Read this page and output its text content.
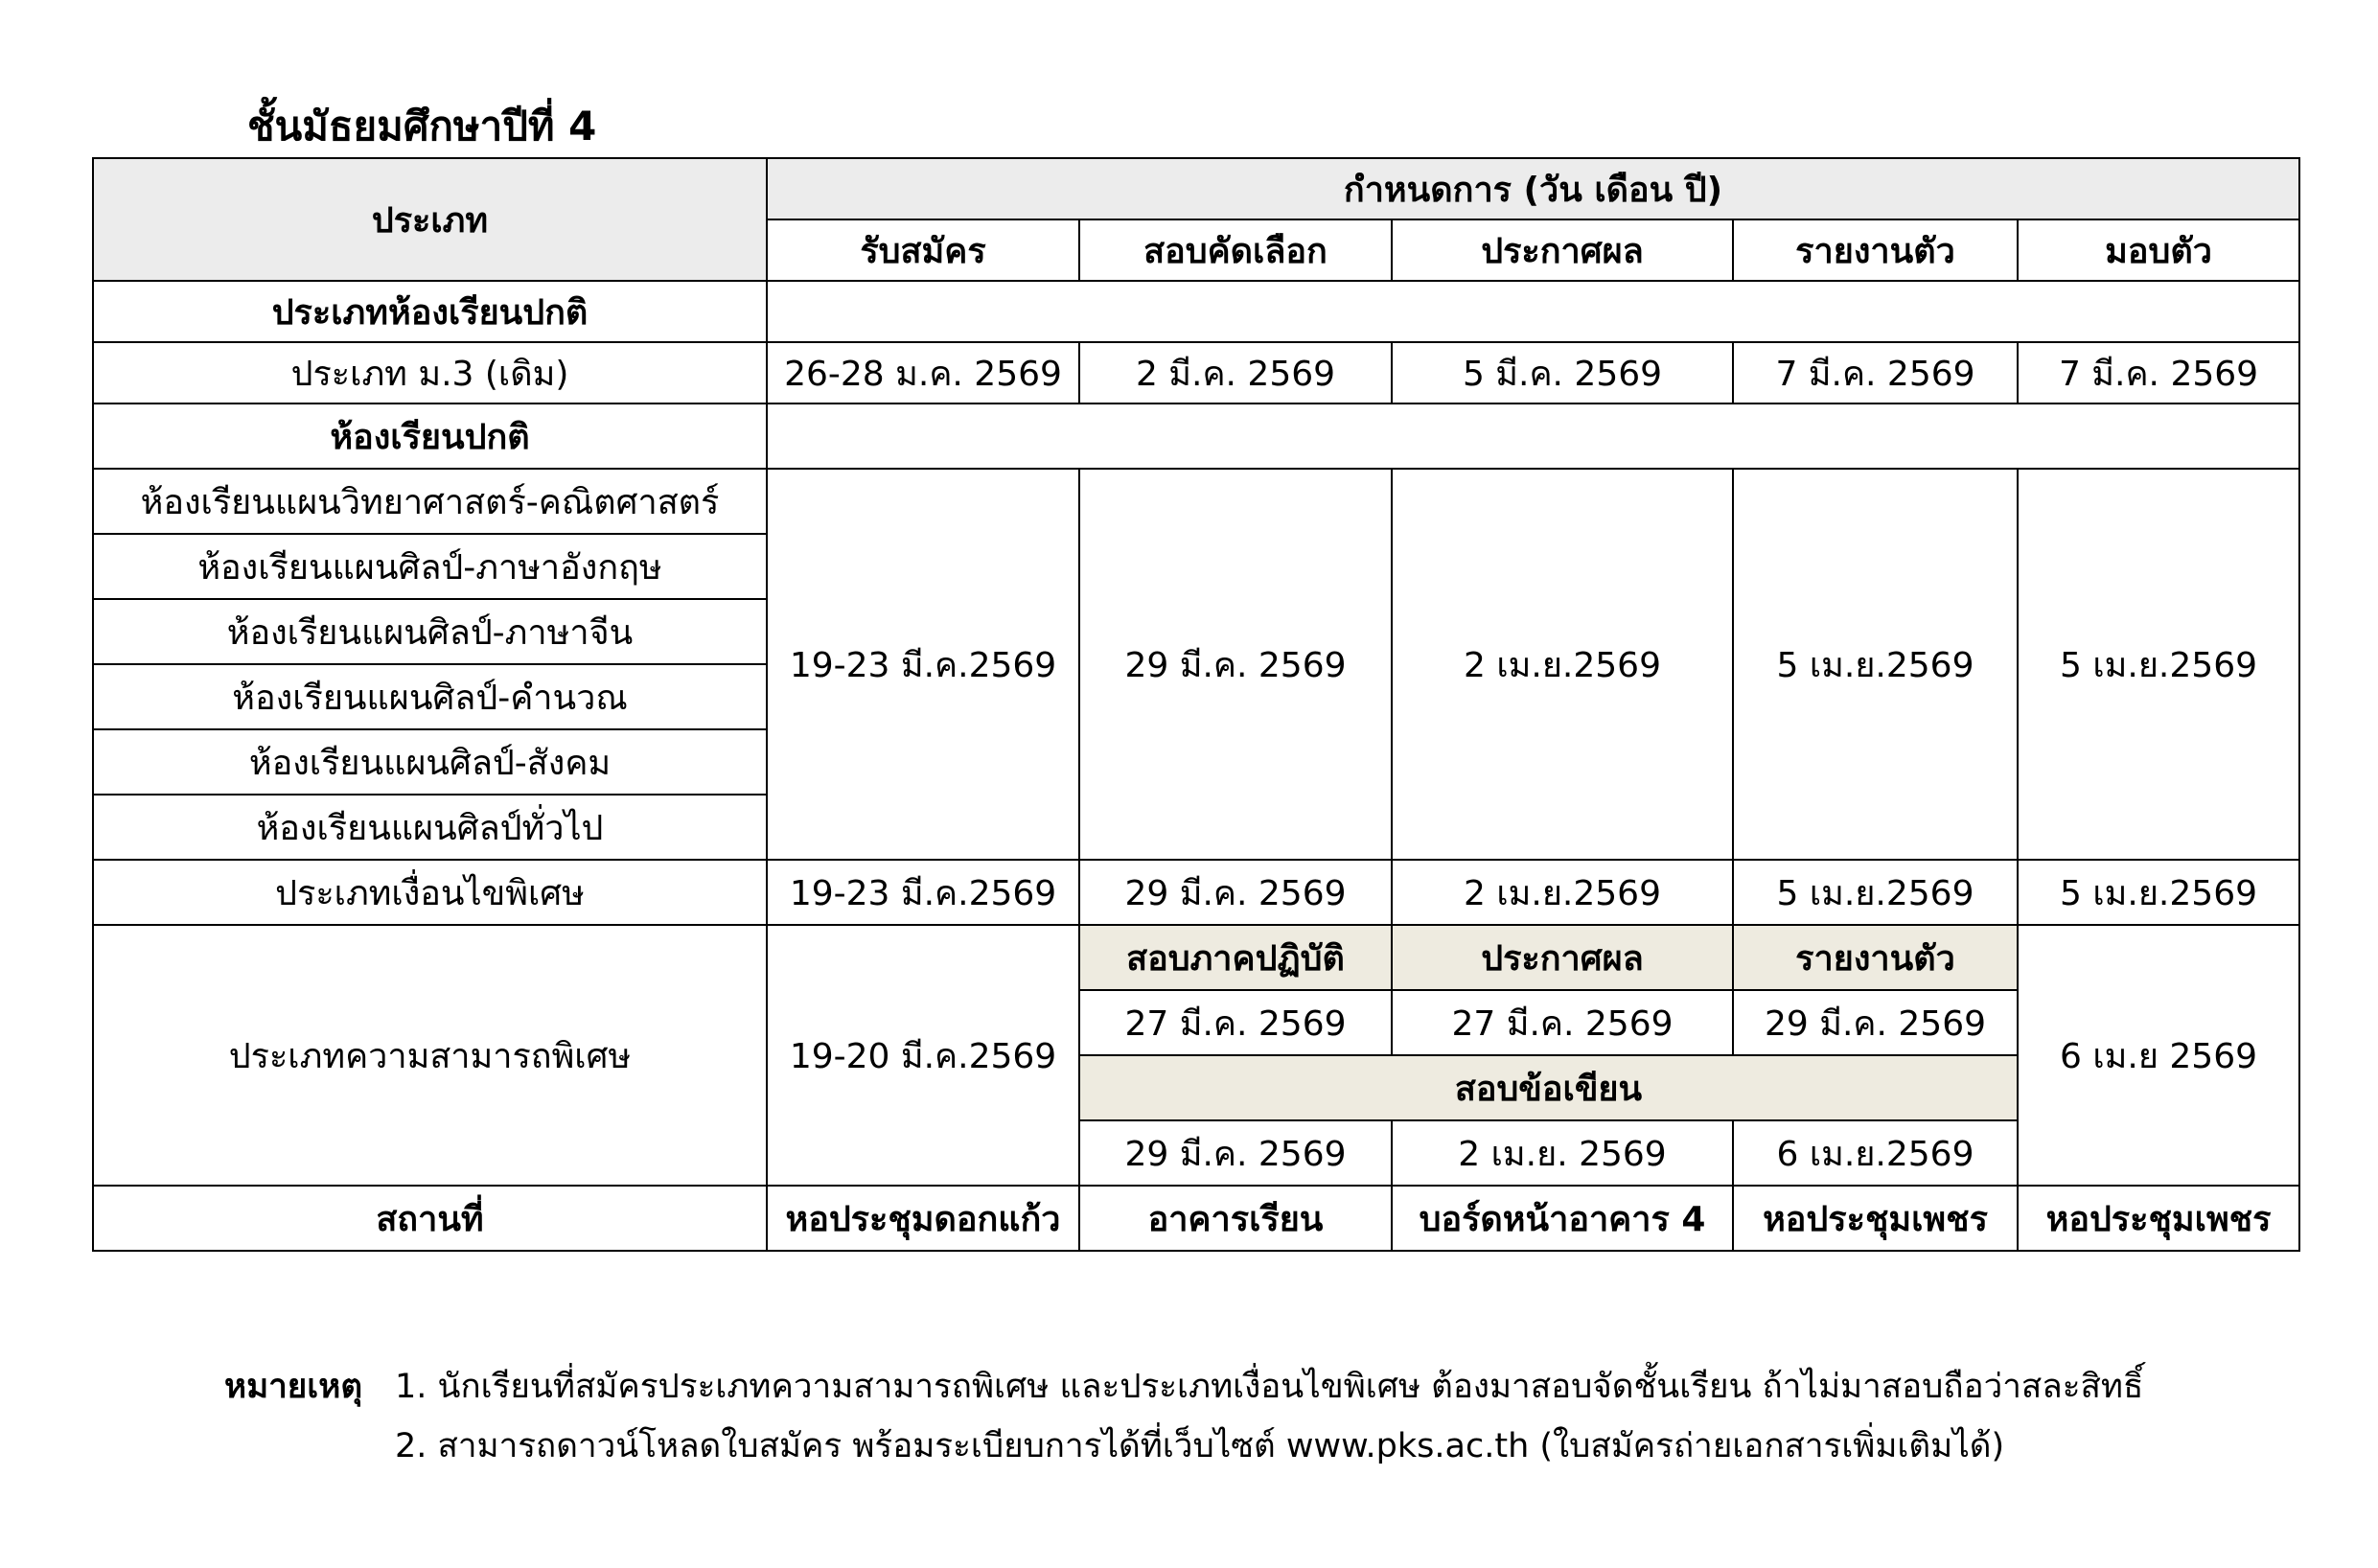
ชั้นมัธยมศึกษาปีที่ 4
ประเภท	กำหนดการ (วัน เดือน ปี)				
	รับสมัคร	สอบคัดเลือก	ประกาศผล	รายงานตัว	มอบตัว
ประเภทห้องเรียนปกติ					
ประเภท ม.3 (เดิม)	26-28 ม.ค. 2569	2 มี.ค. 2569	5 มี.ค. 2569	7 มี.ค. 2569	7 มี.ค. 2569
ห้องเรียนปกติ					
ห้องเรียนแผนวิทยาศาสตร์-คณิตศาสตร์	19-23 มี.ค.2569	29 มี.ค. 2569	2 เม.ย.2569	5 เม.ย.2569	5 เม.ย.2569
ห้องเรียนแผนศิลป์-ภาษาอังกฤษ					
ห้องเรียนแผนศิลป์-ภาษาจีน					
ห้องเรียนแผนศิลป์-คำนวณ					
ห้องเรียนแผนศิลป์-สังคม					
ห้องเรียนแผนศิลป์ทั่วไป					
ประเภทเงื่อนไขพิเศษ	19-23 มี.ค.2569	29 มี.ค. 2569	2 เม.ย.2569	5 เม.ย.2569	5 เม.ย.2569
ประเภทความสามารถพิเศษ	19-20 มี.ค.2569	สอบภาคปฏิบัติ	ประกาศผล	รายงานตัว	6 เม.ย 2569
		27 มี.ค. 2569	27 มี.ค. 2569	29 มี.ค. 2569	
		สอบข้อเขียน			
		29 มี.ค. 2569	2 เม.ย. 2569	6 เม.ย.2569	
สถานที่	หอประชุมดอกแก้ว	อาคารเรียน	บอร์ดหน้าอาคาร 4	หอประชุมเพชร	หอประชุมเพชร
หมายเหตุ 1. นักเรียนที่สมัครประเภทความสามารถพิเศษ และประเภทเงื่อนไขพิเศษ ต้องมาสอบจัดชั้นเรียน ถ้าไม่มาสอบถือว่าสละสิทธิ์
2. สามารถดาวน์โหลดใบสมัคร พร้อมระเบียบการได้ที่เว็บไซต์ www.pks.ac.th (ใบสมัครถ่ายเอกสารเพิ่มเติมได้)
